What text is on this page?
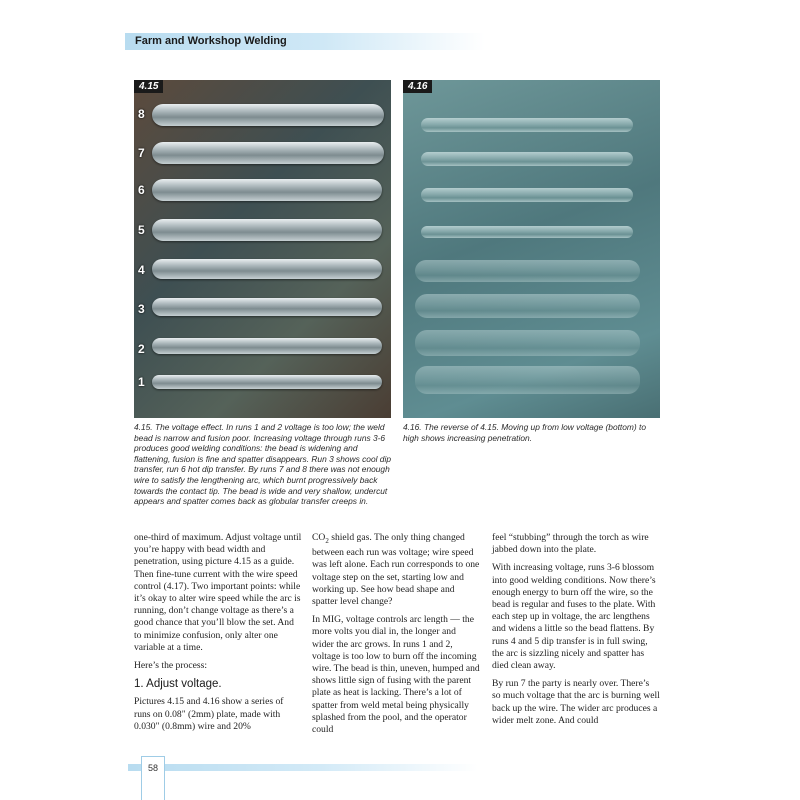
Farm and Workshop Welding
8
7
6
5
4
3
2
1
4.15
4.15. The voltage effect. In runs 1 and 2 voltage is too low; the weld bead is narrow and fusion poor. Increasing voltage through runs 3-6 produces good welding conditions: the bead is widening and flattening, fusion is fine and spatter disappears. Run 3 shows cool dip transfer, run 6 hot dip transfer. By runs 7 and 8 there was not enough wire to satisfy the lengthening arc, which burnt progressively back towards the contact tip. The bead is wide and very shallow, undercut appears and spatter comes back as globular transfer creeps in.
4.16
4.16. The reverse of 4.15. Moving up from low voltage (bottom) to high shows increasing penetration.

one-third of maximum. Adjust voltage until you’re happy with bead width and penetration, using picture 4.15 as a guide. Then fine-tune current with the wire speed control (4.17). Two important points: while it’s okay to alter wire speed while the arc is running, don’t change voltage as there’s a good chance that you’ll blow the set. And to minimize confusion, only alter one variable at a time.

Here’s the process:

1. Adjust voltage.

Pictures 4.15 and 4.16 show a series of runs on 0.08" (2mm) plate, made with 0.030" (0.8mm) wire and 20%

$CO_2$ shield gas. The only thing changed between each run was voltage; wire speed was left alone. Each run corresponds to one voltage step on the set, starting low and working up. See how bead shape and spatter level change?

In MIG, voltage controls arc length — the more volts you dial in, the longer and wider the arc grows. In runs 1 and 2, voltage is too low to burn off the incoming wire. The bead is thin, uneven, humped and shows little sign of fusing with the parent plate as heat is lacking. There’s a lot of spatter from weld metal being physically splashed from the pool, and the operator could

feel “stubbing” through the torch as wire jabbed down into the plate.

With increasing voltage, runs 3-6 blossom into good welding conditions. Now there’s enough energy to burn off the wire, so the bead is regular and fuses to the plate. With each step up in voltage, the arc lengthens and widens a little so the bead flattens. By runs 4 and 5 dip transfer is in full swing, the arc is sizzling nicely and spatter has died clean away.

By run 7 the party is nearly over. There’s so much voltage that the arc is burning well back up the wire. The wider arc produces a wider melt zone. And could

58
